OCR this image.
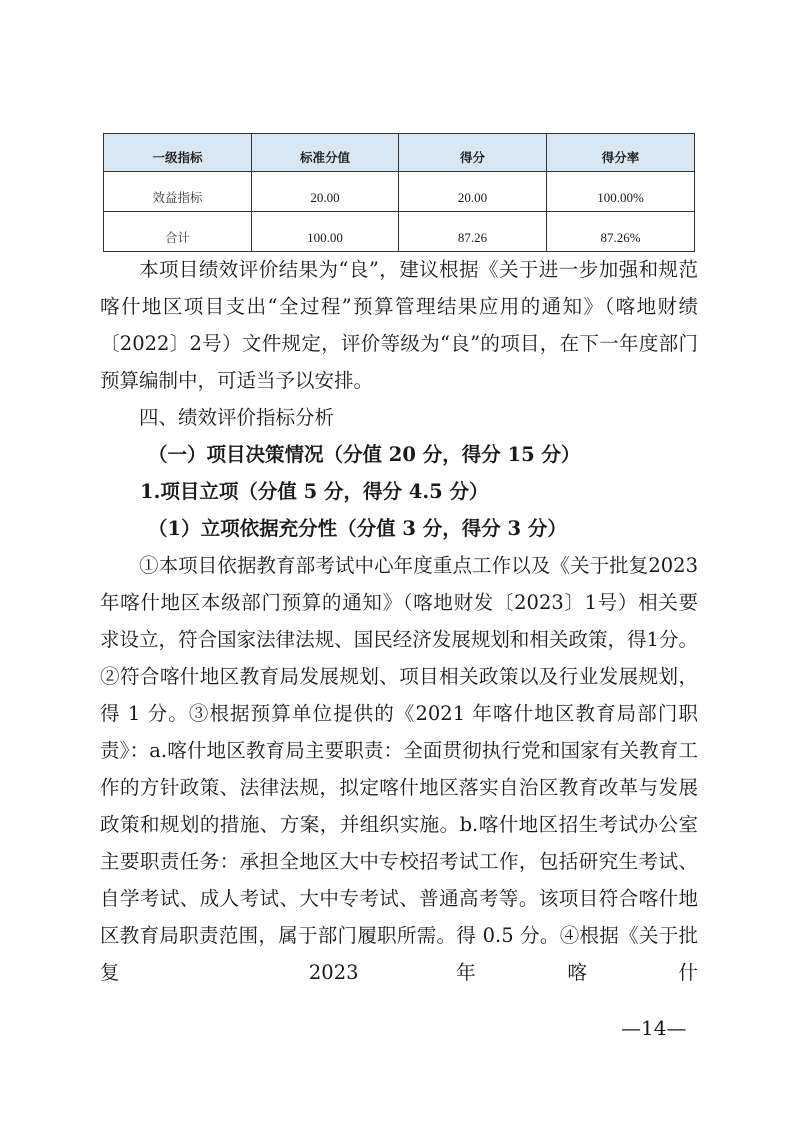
一级指标	标准分值	得分	得分率
效益指标	20.00	20.00	100.00%
合计	100.00	87.26	87.26%

本项目绩效评价结果为“良”，建议根据《关于进一步加强和规范喀什地区项目支出“全过程”预算管理结果应用的通知》（喀地财绩〔2022〕2号）文件规定，评价等级为“良”的项目，在下一年度部门预算编制中，可适当予以安排。

四、绩效评价指标分析

（一）项目决策情况（分值 20 分，得分 15 分）

1.项目立项（分值 5 分，得分 4.5 分）

（1）立项依据充分性（分值 3 分，得分 3 分）

①本项目依据教育部考试中心年度重点工作以及《关于批复2023年喀什地区本级部门预算的通知》（喀地财发〔2023〕1号）相关要求设立，符合国家法律法规、国民经济发展规划和相关政策，得1分。②符合喀什地区教育局发展规划、项目相关政策以及行业发展规划，得 1 分。③根据预算单位提供的《2021 年喀什地区教育局部门职责》：a.喀什地区教育局主要职责：全面贯彻执行党和国家有关教育工作的方针政策、法律法规，拟定喀什地区落实自治区教育改革与发展政策和规划的措施、方案，并组织实施。b.喀什地区招生考试办公室主要职责任务：承担全地区大中专校招考试工作，包括研究生考试、自学考试、成人考试、大中专考试、普通高考等。该项目符合喀什地区教育局职责范围，属于部门履职所需。得 0.5 分。④根据《关于批复 2023 年喀什

—14—
